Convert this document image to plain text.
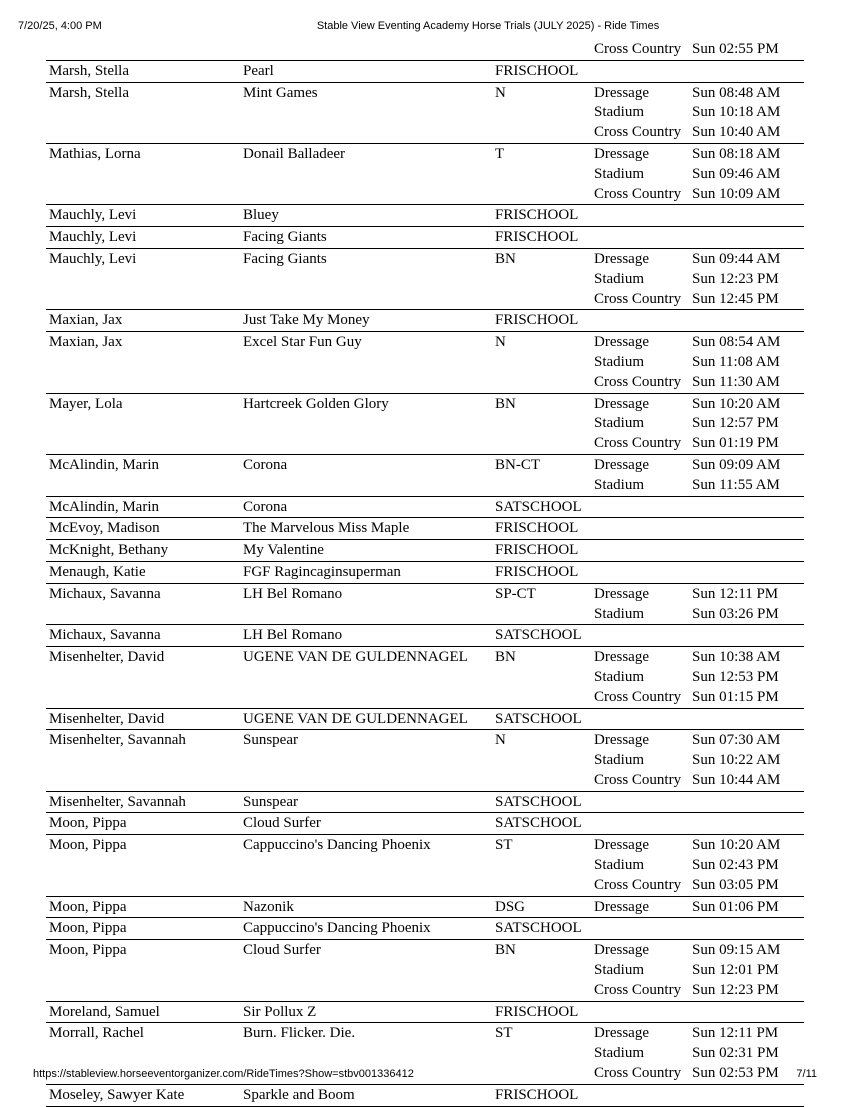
7/20/25, 4:00 PM	Stable View Eventing Academy Horse Trials (JULY 2025) - Ride Times
Cross Country Sun 02:55 PM
Marsh, Stella	Pearl	FRISCHOOL
Marsh, Stella	Mint Games	N	Dressage	Sun 08:48 AM
Stadium	Sun 10:18 AM
Cross Country Sun 10:40 AM
Mathias, Lorna	Donail Balladeer	T	Dressage	Sun 08:18 AM
Stadium	Sun 09:46 AM
Cross Country Sun 10:09 AM
Mauchly, Levi	Bluey	FRISCHOOL
Mauchly, Levi	Facing Giants	FRISCHOOL
Mauchly, Levi	Facing Giants	BN	Dressage	Sun 09:44 AM
Stadium	Sun 12:23 PM
Cross Country Sun 12:45 PM
Maxian, Jax	Just Take My Money	FRISCHOOL
Maxian, Jax	Excel Star Fun Guy	N	Dressage	Sun 08:54 AM
Stadium	Sun 11:08 AM
Cross Country Sun 11:30 AM
Mayer, Lola	Hartcreek Golden Glory	BN	Dressage	Sun 10:20 AM
Stadium	Sun 12:57 PM
Cross Country Sun 01:19 PM
McAlindin, Marin	Corona	BN-CT	Dressage	Sun 09:09 AM
Stadium	Sun 11:55 AM
McAlindin, Marin	Corona	SATSCHOOL
McEvoy, Madison	The Marvelous Miss Maple	FRISCHOOL
McKnight, Bethany	My Valentine	FRISCHOOL
Menaugh, Katie	FGF Ragincaginsuperman	FRISCHOOL
Michaux, Savanna	LH Bel Romano	SP-CT	Dressage	Sun 12:11 PM
Stadium	Sun 03:26 PM
Michaux, Savanna	LH Bel Romano	SATSCHOOL
Misenhelter, David	UGENE VAN DE GULDENNAGEL	BN	Dressage	Sun 10:38 AM
Stadium	Sun 12:53 PM
Cross Country Sun 01:15 PM
Misenhelter, David	UGENE VAN DE GULDENNAGEL	SATSCHOOL
Misenhelter, Savannah	Sunspear	N	Dressage	Sun 07:30 AM
Stadium	Sun 10:22 AM
Cross Country Sun 10:44 AM
Misenhelter, Savannah	Sunspear	SATSCHOOL
Moon, Pippa	Cloud Surfer	SATSCHOOL
Moon, Pippa	Cappuccino's Dancing Phoenix	ST	Dressage	Sun 10:20 AM
Stadium	Sun 02:43 PM
Cross Country Sun 03:05 PM
Moon, Pippa	Nazonik	DSG	Dressage	Sun 01:06 PM
Moon, Pippa	Cappuccino's Dancing Phoenix	SATSCHOOL
Moon, Pippa	Cloud Surfer	BN	Dressage	Sun 09:15 AM
Stadium	Sun 12:01 PM
Cross Country Sun 12:23 PM
Moreland, Samuel	Sir Pollux Z	FRISCHOOL
Morrall, Rachel	Burn. Flicker. Die.	ST	Dressage	Sun 12:11 PM
Stadium	Sun 02:31 PM
Cross Country Sun 02:53 PM
Moseley, Sawyer Kate	Sparkle and Boom	FRISCHOOL
https://stableview.horseeventorganizer.com/RideTimes?Show=stbv001336412	7/11
